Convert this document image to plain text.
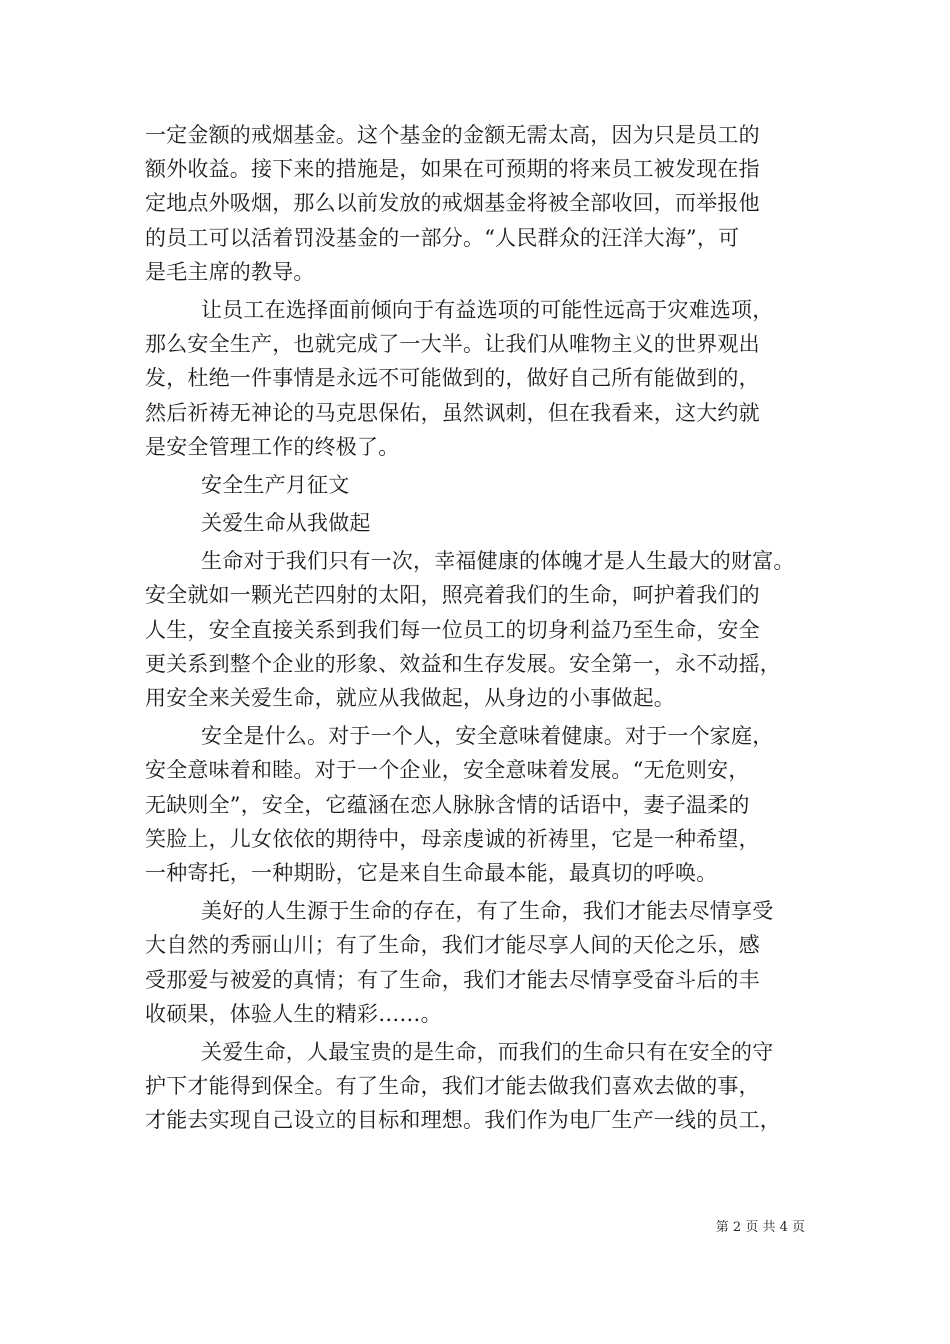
一定金额的戒烟基金。这个基金的金额无需太高，因为只是员工的
额外收益。接下来的措施是，如果在可预期的将来员工被发现在指
定地点外吸烟，那么以前发放的戒烟基金将被全部收回，而举报他
的员工可以活着罚没基金的一部分。“人民群众的汪洋大海”，可
是毛主席的教导。
让员工在选择面前倾向于有益选项的可能性远高于灾难选项，
那么安全生产，也就完成了一大半。让我们从唯物主义的世界观出
发，杜绝一件事情是永远不可能做到的，做好自己所有能做到的，
然后祈祷无神论的马克思保佑，虽然讽刺，但在我看来，这大约就
是安全管理工作的终极了。
安全生产月征文
关爱生命从我做起
生命对于我们只有一次，幸福健康的体魄才是人生最大的财富。
安全就如一颗光芒四射的太阳，照亮着我们的生命，呵护着我们的
人生，安全直接关系到我们每一位员工的切身利益乃至生命，安全
更关系到整个企业的形象、效益和生存发展。安全第一，永不动摇，
用安全来关爱生命，就应从我做起，从身边的小事做起。
安全是什么。对于一个人，安全意味着健康。对于一个家庭，
安全意味着和睦。对于一个企业，安全意味着发展。“无危则安，
无缺则全”，安全，它蕴涵在恋人脉脉含情的话语中，妻子温柔的
笑脸上，儿女依依的期待中，母亲虔诚的祈祷里，它是一种希望，
一种寄托，一种期盼，它是来自生命最本能，最真切的呼唤。
美好的人生源于生命的存在，有了生命，我们才能去尽情享受
大自然的秀丽山川；有了生命，我们才能尽享人间的天伦之乐，感
受那爱与被爱的真情；有了生命，我们才能去尽情享受奋斗后的丰
收硕果，体验人生的精彩……。
关爱生命，人最宝贵的是生命，而我们的生命只有在安全的守
护下才能得到保全。有了生命，我们才能去做我们喜欢去做的事，
才能去实现自己设立的目标和理想。我们作为电厂生产一线的员工，
第 2 页 共 4 页
